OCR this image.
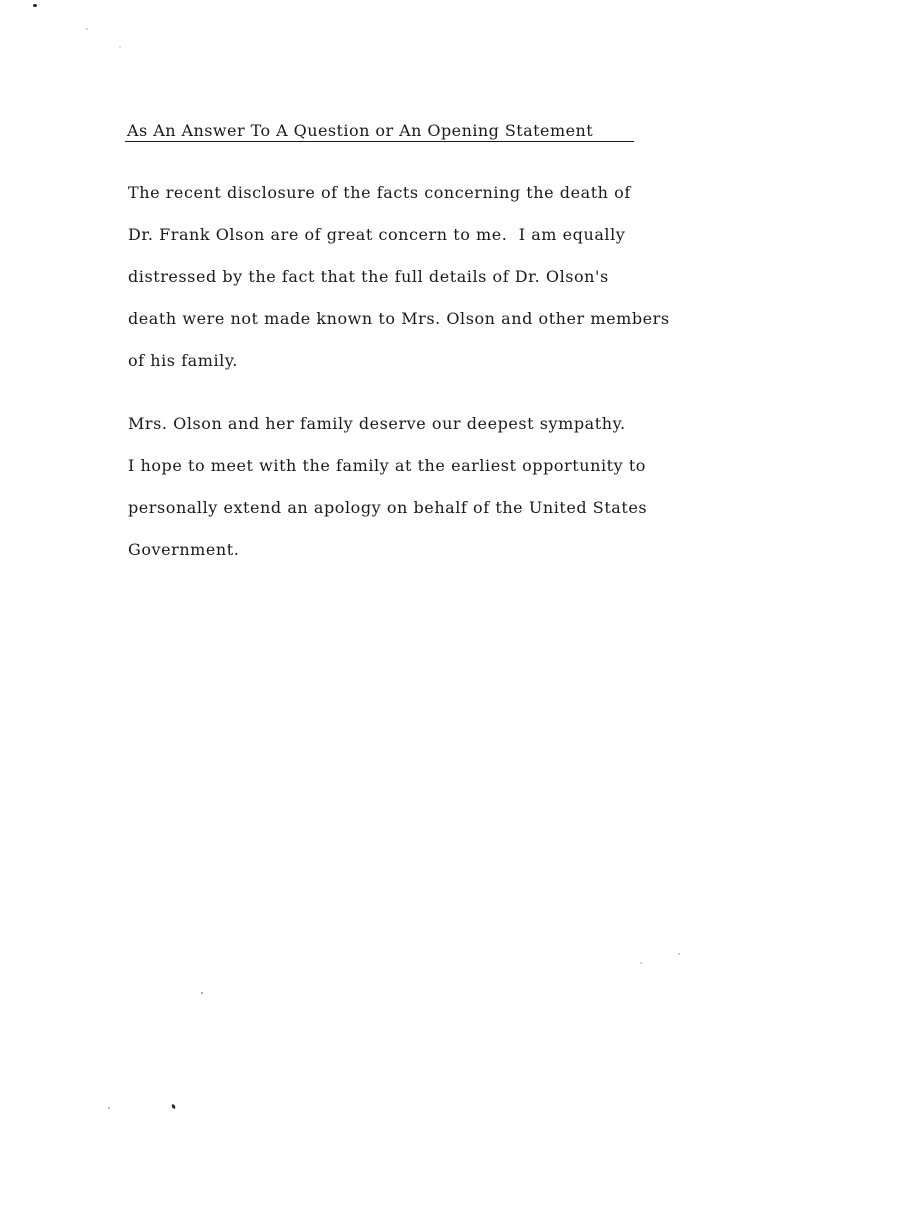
As An Answer To A Question or An Opening Statement
The recent disclosure of the facts concerning the death of
Dr. Frank Olson are of great concern to me.  I am equally
distressed by the fact that the full details of Dr. Olson's
death were not made known to Mrs. Olson and other members
of his family.
Mrs. Olson and her family deserve our deepest sympathy.
I hope to meet with the family at the earliest opportunity to
personally extend an apology on behalf of the United States
Government.
